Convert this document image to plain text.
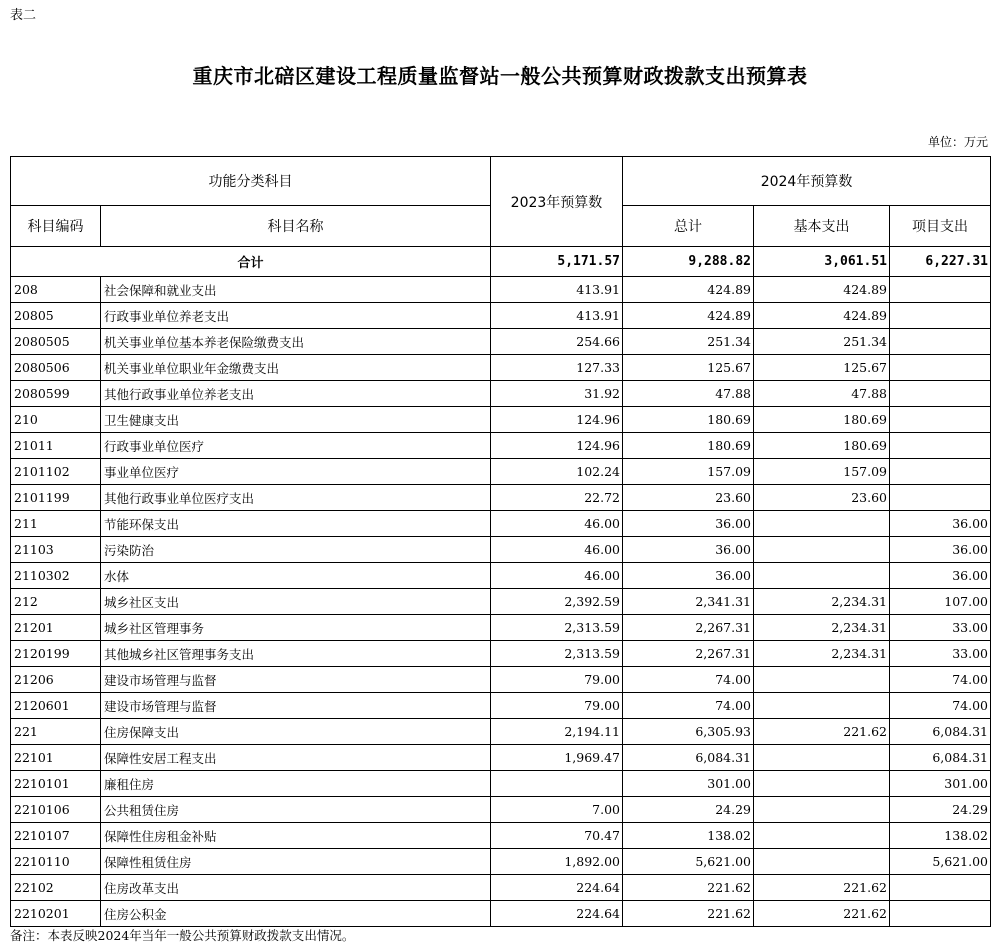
表二
重庆市北碚区建设工程质量监督站一般公共预算财政拨款支出预算表
单位：万元
功能分类科目		2023年预算数	2024年预算数		
科目编码	科目名称		总计	基本支出	项目支出
合计		5,171.57	9,288.82	3,061.51	6,227.31
208	社会保障和就业支出	413.91	424.89	424.89	
20805	行政事业单位养老支出	413.91	424.89	424.89	
2080505	机关事业单位基本养老保险缴费支出	254.66	251.34	251.34	
2080506	机关事业单位职业年金缴费支出	127.33	125.67	125.67	
2080599	其他行政事业单位养老支出	31.92	47.88	47.88	
210	卫生健康支出	124.96	180.69	180.69	
21011	行政事业单位医疗	124.96	180.69	180.69	
2101102	事业单位医疗	102.24	157.09	157.09	
2101199	其他行政事业单位医疗支出	22.72	23.60	23.60	
211	节能环保支出	46.00	36.00		36.00
21103	污染防治	46.00	36.00		36.00
2110302	水体	46.00	36.00		36.00
212	城乡社区支出	2,392.59	2,341.31	2,234.31	107.00
21201	城乡社区管理事务	2,313.59	2,267.31	2,234.31	33.00
2120199	其他城乡社区管理事务支出	2,313.59	2,267.31	2,234.31	33.00
21206	建设市场管理与监督	79.00	74.00		74.00
2120601	建设市场管理与监督	79.00	74.00		74.00
221	住房保障支出	2,194.11	6,305.93	221.62	6,084.31
22101	保障性安居工程支出	1,969.47	6,084.31		6,084.31
2210101	廉租住房		301.00		301.00
2210106	公共租赁住房	7.00	24.29		24.29
2210107	保障性住房租金补贴	70.47	138.02		138.02
2210110	保障性租赁住房	1,892.00	5,621.00		5,621.00
22102	住房改革支出	224.64	221.62	221.62	
2210201	住房公积金	224.64	221.62	221.62	
备注：本表反映2024年当年一般公共预算财政拨款支出情况。
